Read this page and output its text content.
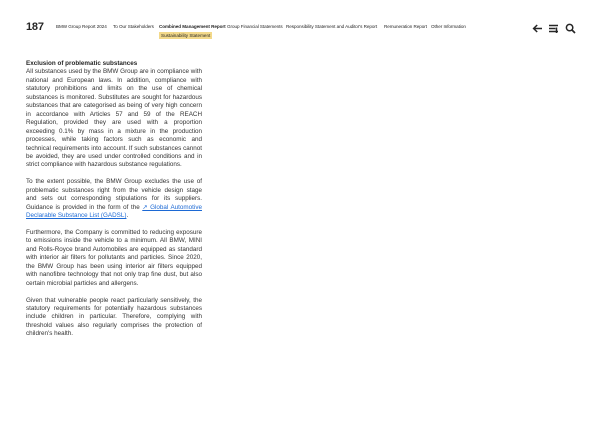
187	BMW Group Report 2024 To Our Stakeholders Combined Management Report Group Financial Statements Responsibility Statement and Auditor's Report Remuneration Report Other Information
Sustainability Statement
Exclusion of problematic substances

All substances used by the BMW Group are in compliance with national and European laws. In addition, compliance with statutory prohibitions and limits on the use of chemical substances is monitored. Substitutes are sought for hazardous substances that are categorised as being of very high concern in accordance with Articles 57 and 59 of the REACH Regulation, provided they are used with a proportion exceeding 0.1% by mass in a mixture in the production processes, while taking factors such as economic and technical requirements into account. If such substances cannot be avoided, they are used under controlled conditions and in strict compliance with hazardous substance regulations.

To the extent possible, the BMW Group excludes the use of problematic substances right from the vehicle design stage and sets out corresponding stipulations for its suppliers. Guidance is provided in the form of the ↗ Global Automotive Declarable Substance List (GADSL).

Furthermore, the Company is committed to reducing exposure to emissions inside the vehicle to a minimum. All BMW, MINI and Rolls-Royce brand Automobiles are equipped as standard with interior air filters for pollutants and particles. Since 2020, the BMW Group has been using interior air filters equipped with nanofibre technology that not only trap fine dust, but also certain microbial particles and allergens.

Given that vulnerable people react particularly sensitively, the statutory requirements for potentially hazardous substances include children in particular. Therefore, complying with threshold values also regularly comprises the protection of children's health.
